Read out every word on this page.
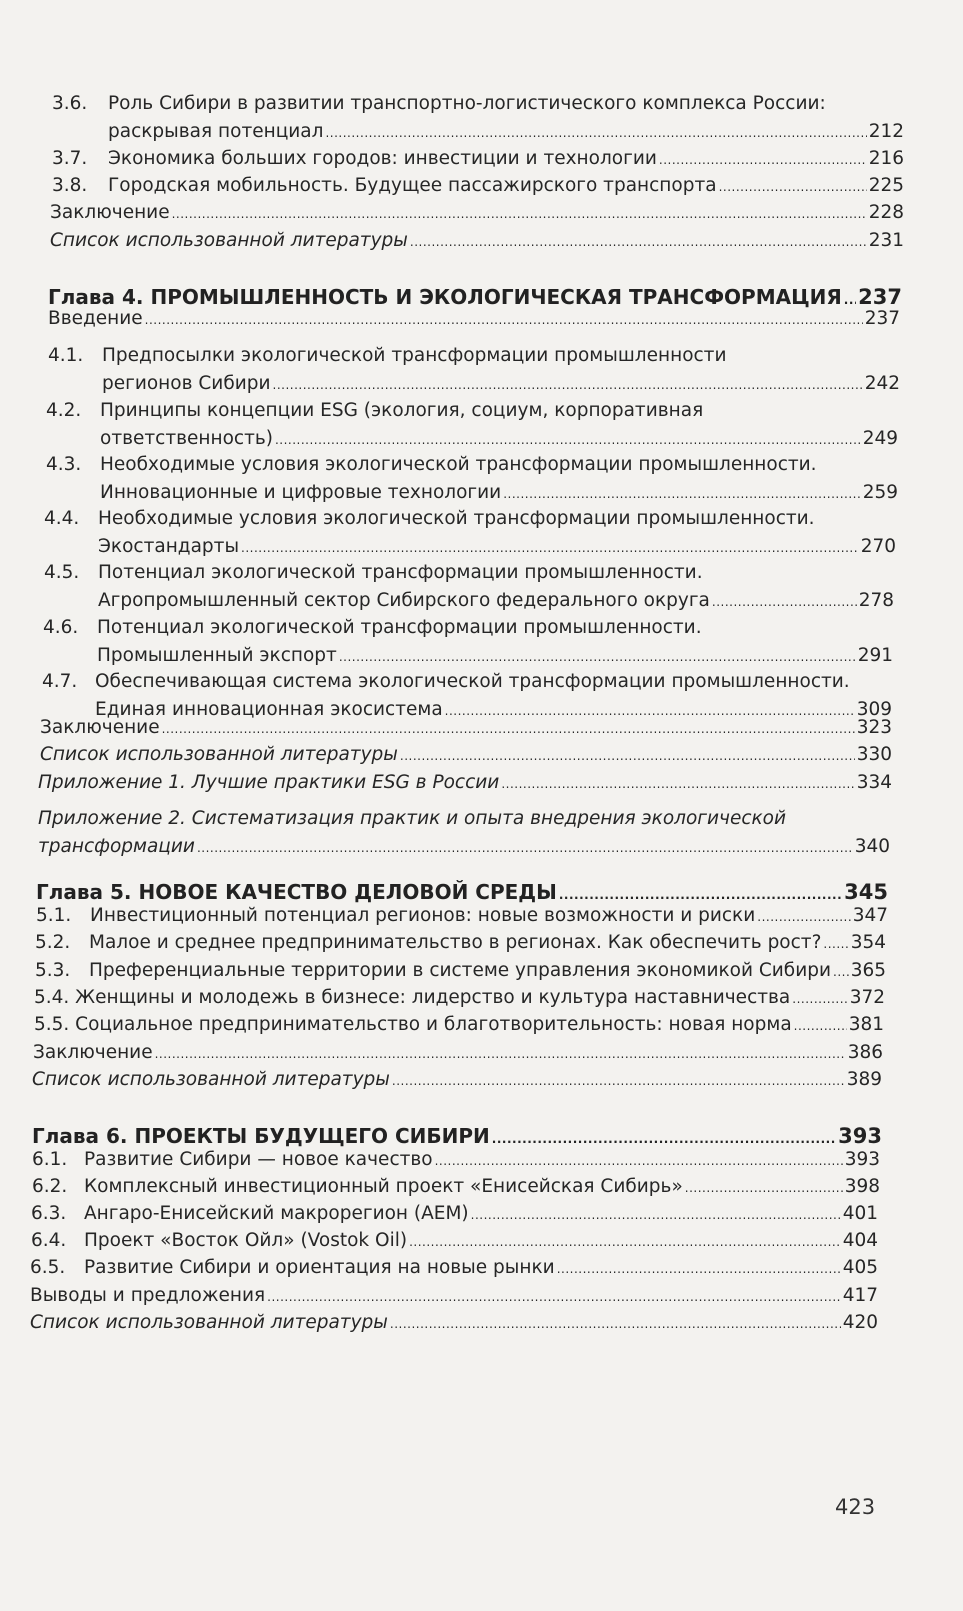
3.6. Роль Сибири в развитии транспортно-логистического комплекса России:
раскрывая потенциал .....	212
3.7.	Экономика больших городов: инвестиции и технологии .....	216
3.8.	Городская мобильность. Будущее пассажирского транспорта .....	225
Заключение .....	228
Список использованной литературы .....	231
Глава 4. ПРОМЫШЛЕННОСТЬ И ЭКОЛОГИЧЕСКАЯ ТРАНСФОРМАЦИЯ ..... 237
Введение .....	237
4.1. Предпосылки экологической трансформации промышленности
регионов Сибири .....	242
4.2. Принципы концепции ESG (экология, социум, корпоративная
ответственность) .....	249
4.3. Необходимые условия экологической трансформации промышленности.
Инновационные и цифровые технологии .....	259
4.4. Необходимые условия экологической трансформации промышленности.
Экостандарты .....	270
4.5. Потенциал экологической трансформации промышленности.
Агропромышленный сектор Сибирского федерального округа .....	278
4.6. Потенциал экологической трансформации промышленности.
Промышленный экспорт .....	291
4.7. Обеспечивающая система экологической трансформации промышленности.
Единая инновационная экосистема .....	309
Заключение .....	323
Список использованной литературы .....	330
Приложение 1. Лучшие практики ESG в России .....	334
Приложение 2. Систематизация практик и опыта внедрения экологической
трансформации .....	340
Глава 5. НОВОЕ КАЧЕСТВО ДЕЛОВОЙ СРЕДЫ .....	345
5.1.	Инвестиционный потенциал регионов: новые возможности и риски .....	347
5.2.	Малое и среднее предпринимательство в регионах. Как обеспечить рост? ..... 354
5.3.	Преференциальные территории в системе управления экономикой Сибири ..... 365
5.4. Женщины и молодежь в бизнесе: лидерство и культура наставничества .....	372
5.5. Социальное предпринимательство и благотворительность: новая норма .....	381
Заключение .....	386
Список использованной литературы .....	389
Глава 6. ПРОЕКТЫ БУДУЩЕГО СИБИРИ .....	393
6.1. Развитие Сибири — новое качество .....	393
6.2. Комплексный инвестиционный проект «Енисейская Сибирь» .....	398
6.3. Ангаро-Енисейский макрорегион (АЕМ) .....	401
6.4. Проект «Восток Ойл» (Vostok Oil) .....	404
6.5.	Развитие Сибири и ориентация на новые рынки .....	405
Выводы и предложения .....	417
Список использованной литературы .....	420
423
